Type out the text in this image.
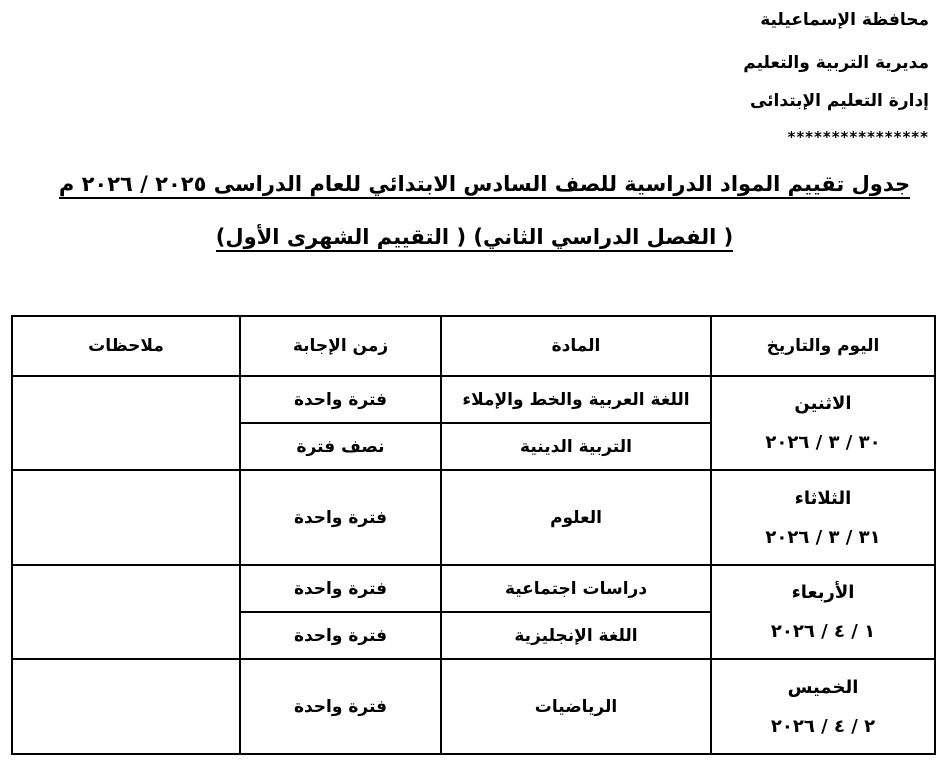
محافظة الإسماعيلية
مديرية التربية والتعليم
إدارة التعليم الإبتدائى
****************
جدول تقييم المواد الدراسية للصف السادس الابتدائي للعام الدراسى ٢٠٢٥ / ٢٠٢٦ م
( الفصل الدراسي الثاني) ( التقييم الشهرى الأول)
اليوم والتاريخ	المادة	زمن الإجابة	ملاحظات

الاثنين
٣٠ / ٣ / ٢٠٢٦	اللغة العربية والخط والإملاء	فترة واحدة	
	التربية الدينية	نصف فترة	

الثلاثاء
٣١ / ٣ / ٢٠٢٦	العلوم	فترة واحدة	

الأربعاء
١ / ٤ / ٢٠٢٦	دراسات اجتماعية	فترة واحدة	
	اللغة الإنجليزية	فترة واحدة	

الخميس
٢ / ٤ / ٢٠٢٦	الرياضيات	فترة واحدة	
